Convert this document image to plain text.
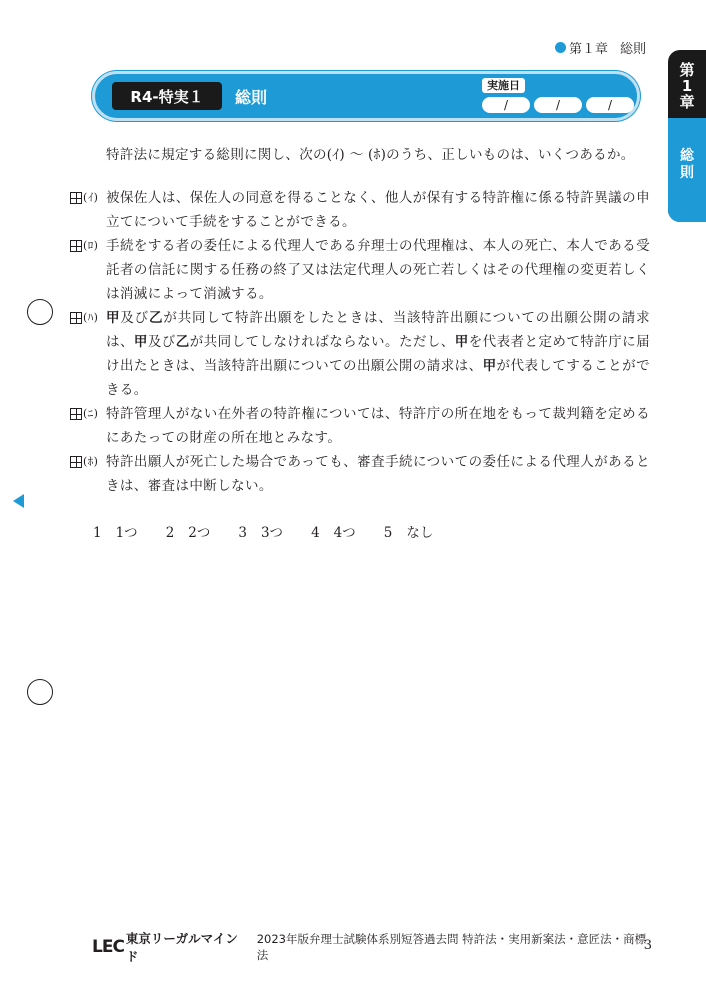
第１章 総則
第
1
章
総
則
R4-特実１	総則
実施日
/	/	/
特許法に規定する総則に関し、次の(ｲ) ～ (ﾎ)のうち、正しいものは、いくつあるか。
(ｲ) 被保佐人は、保佐人の同意を得ることなく、他人が保有する特許権に係る特許異議の申立てについて手続をすることができる。
(ﾛ) 手続をする者の委任による代理人である弁理士の代理権は、本人の死亡、本人である受託者の信託に関する任務の終了又は法定代理人の死亡若しくはその代理権の変更若しくは消滅によって消滅する。
(ﾊ) 甲及び乙が共同して特許出願をしたときは、当該特許出願についての出願公開の請求は、甲及び乙が共同してしなければならない。ただし、甲を代表者と定めて特許庁に届け出たときは、当該特許出願についての出願公開の請求は、甲が代表してすることができる。
(ﾆ) 特許管理人がない在外者の特許権については、特許庁の所在地をもって裁判籍を定めるにあたっての財産の所在地とみなす。
(ﾎ) 特許出願人が死亡した場合であっても、審査手続についての委任による代理人があるときは、審査は中断しない。
1 1つ 2 2つ 3 3つ 4 4つ 5 なし
LEC 東京リーガルマインド
2023年版弁理士試験体系別短答過去問 特許法・実用新案法・意匠法・商標法
3
